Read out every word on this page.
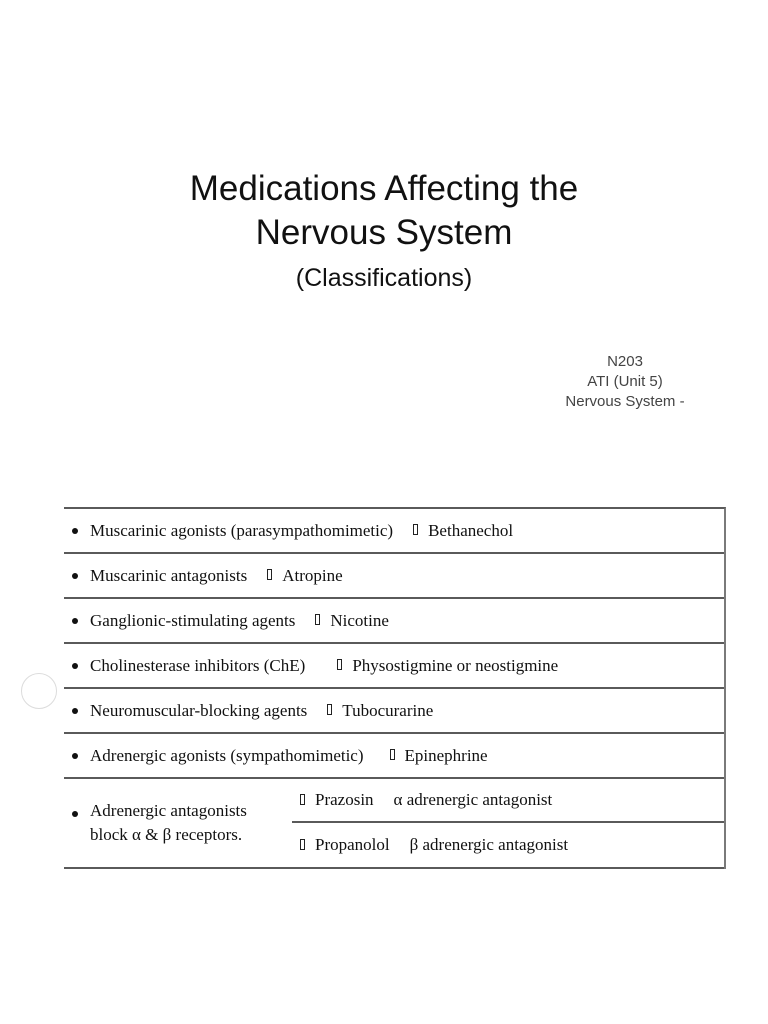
Medications Affecting the
Nervous System
(Classifications)
N203
ATI (Unit 5)
Nervous System -
Muscarinic agonists (parasympathomimetic) Bethanechol
Muscarinic antagonists Atropine
Ganglionic-stimulating agents Nicotine
Cholinesterase inhibitors (ChE)	Physostigmine or neostigmine
Neuromuscular-blocking agents Tubocurarine
Adrenergic agonists (sympathomimetic) Epinephrine
Adrenergic antagonists
block α & β receptors.
Prazosin α adrenergic antagonist
Propanolol β adrenergic antagonist
